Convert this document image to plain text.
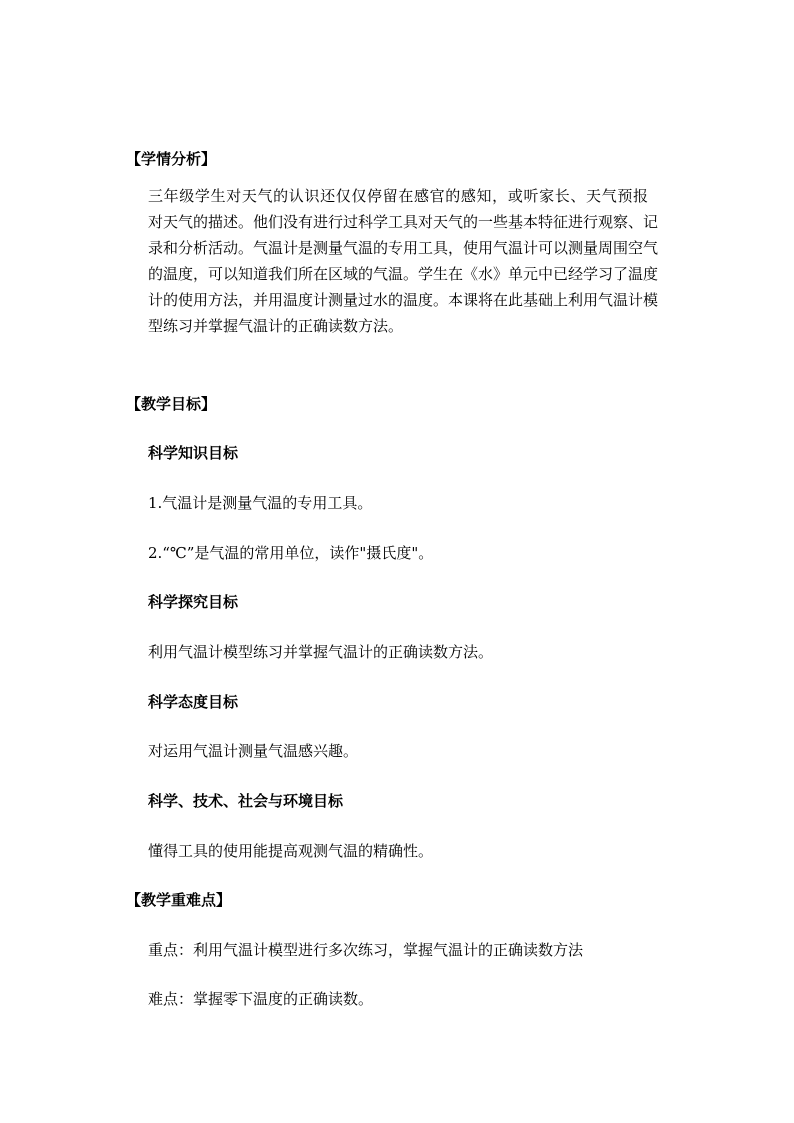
【学情分析】
三年级学生对天气的认识还仅仅停留在感官的感知，或听家长、天气预报
对天气的描述。他们没有进行过科学工具对天气的一些基本特征进行观察、记
录和分析活动。气温计是测量气温的专用工具，使用气温计可以测量周围空气
的温度，可以知道我们所在区域的气温。学生在《水》单元中已经学习了温度
计的使用方法，并用温度计测量过水的温度。本课将在此基础上利用气温计模
型练习并掌握气温计的正确读数方法。
【教学目标】
科学知识目标
1.气温计是测量气温的专用工具。
2.“℃”是气温的常用单位，读作"摄氏度"。
科学探究目标
利用气温计模型练习并掌握气温计的正确读数方法。
科学态度目标
对运用气温计测量气温感兴趣。
科学、技术、社会与环境目标
懂得工具的使用能提高观测气温的精确性。
【教学重难点】
重点：利用气温计模型进行多次练习，掌握气温计的正确读数方法
难点：掌握零下温度的正确读数。
